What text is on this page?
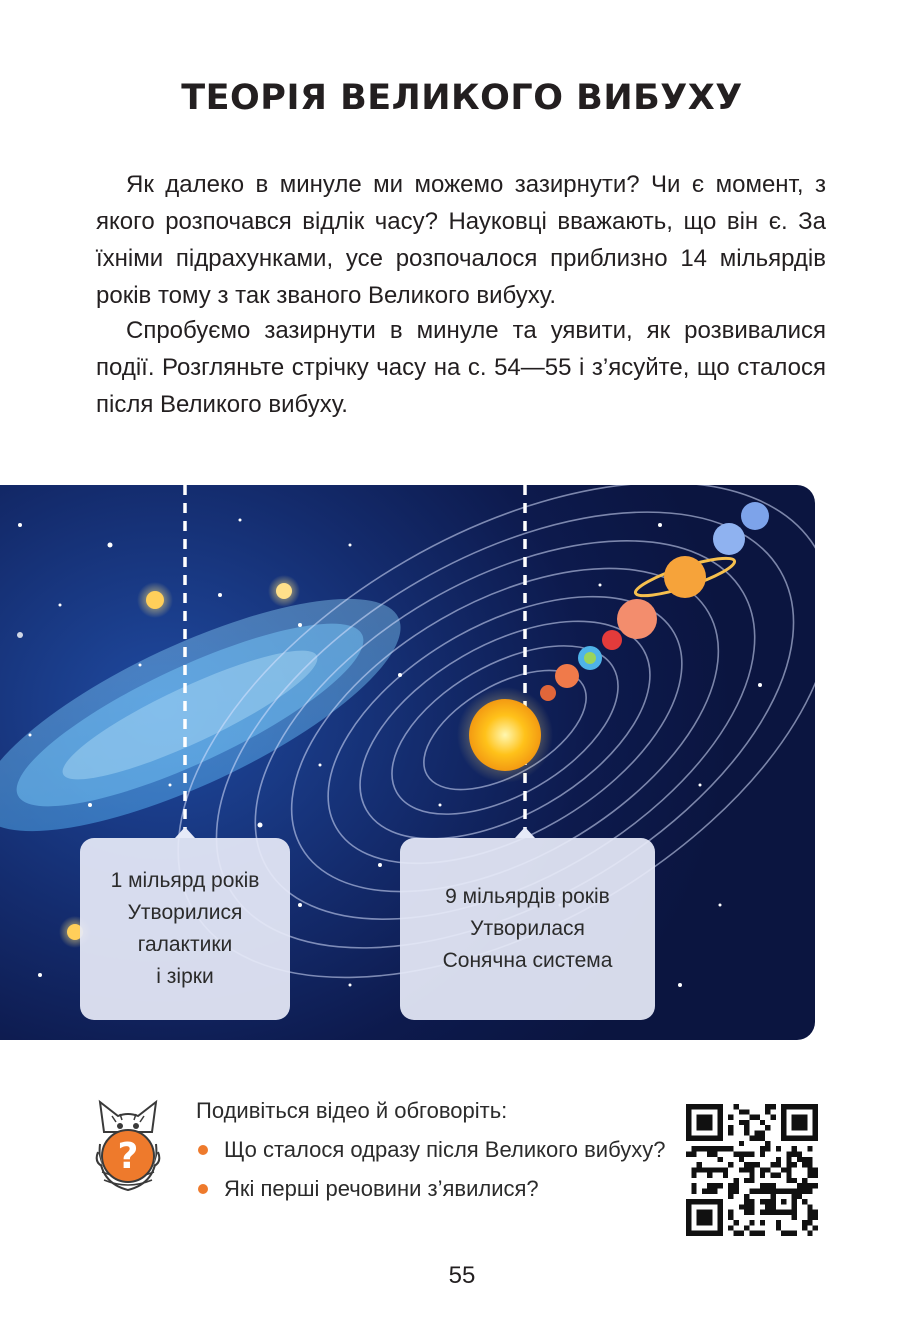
ТЕОРІЯ ВЕЛИКОГО ВИБУХУ

Як далеко в минуле ми можемо зазирнути? Чи є момент, з якого розпочався відлік часу? Науковці вважають, що він є. За їхніми підрахунками, усе розпочалося приблизно 14 мільярдів років тому з так званого Великого вибуху.

Спробуємо зазирнути в минуле та уявити, як розвивалися події. Розгляньте стрічку часу на с. 54—55 і з’ясуйте, що сталося після Великого вибуху.

1 мільярд років
Утворилися
галактики
і зірки
9 мільярдів років
Утворилася
Сонячна система
?
Подивіться відео й обговоріть:
Що сталося одразу після Великого вибуху?
Які перші речовини з’явилися?
55
